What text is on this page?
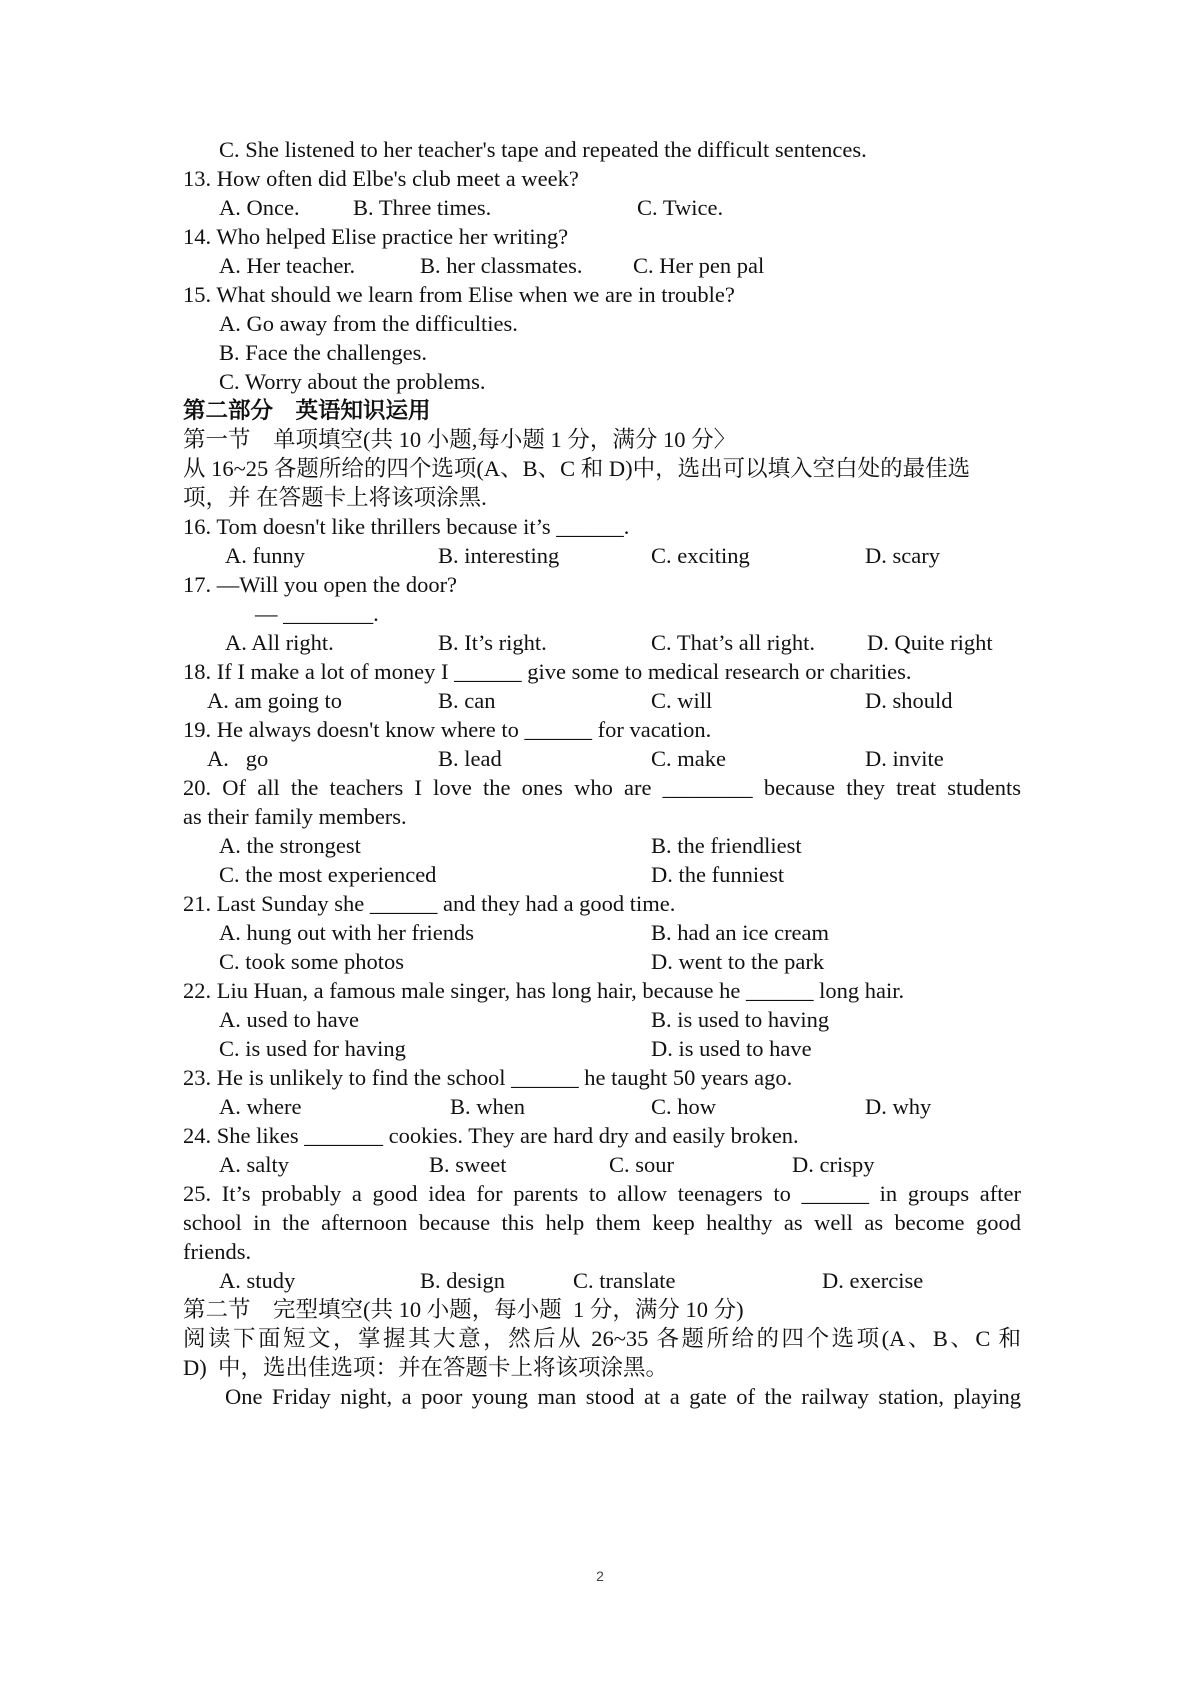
C. She listened to her teacher's tape and repeated the difficult sentences.
13. How often did Elbe's club meet a week?

A. Once.

B. Three times.

	C. Twice.

14. Who helped Elise practice her writing?

A. Her teacher.

	B. her classmates.

C. Her pen pal

15. What should we learn from Elise when we are in trouble?
A. Go away from the difficulties.
B. Face the challenges.
C. Worry about the problems.
第二部分　英语知识运用
第一节　单项填空(共 10 小题,每小题 1 分，满分 10 分〉
从 16~25 各题所给的四个选项(A、B、C 和 D)中，选出可以填入空白处的最佳选
项，并 在答题卡上将该项涂黑.
16. Tom doesn't like thrillers because it’s ______.

A. funny

	B. interesting

	C. exciting

	D. scary

17. —Will you open the door?
— ________.

A. All right.

	B. It’s right.

	C. That’s all right.

D. Quite right

18. If I make a lot of money I ______ give some to medical research or charities.

A. am going to

	B. can

	C. will

	D. should

19. He always doesn't know where to ______ for vacation.

A.   go

	B. lead

	C. make

	D. invite

20. Of all the teachers I love the ones who are ________ because they treat students
as their family members.

A. the strongest

	B. the friendliest

C. the most experienced

	D. the funniest

21. Last Sunday she ______ and they had a good time.

A. hung out with her friends

	B. had an ice cream

C. took some photos

	D. went to the park

22. Liu Huan, a famous male singer, has long hair, because he ______ long hair.

A. used to have

	B. is used to having

C. is used for having

	D. is used to have

23. He is unlikely to find the school ______ he taught 50 years ago.

A. where

	B. when

	C. how

	D. why

24. She likes _______ cookies. They are hard dry and easily broken.

A. salty

	B. sweet

	C. sour

	D. crispy

25. It’s probably a good idea for parents to allow teenagers to ______ in groups after
school in the afternoon because this help them keep healthy as well as become good
friends.

A. study

	B. design

	C. translate

	D. exercise

第二节　完型填空(共 10 小题，每小题  1 分，满分 10 分)
阅读下面短文，掌握其大意，然后从 26~35 各题所给的四个选项(A、B、C 和
D)  中，选出佳选项：并在答题卡上将该项涂黑。
One Friday night, a poor young man stood at a gate of the railway station, playing
2
